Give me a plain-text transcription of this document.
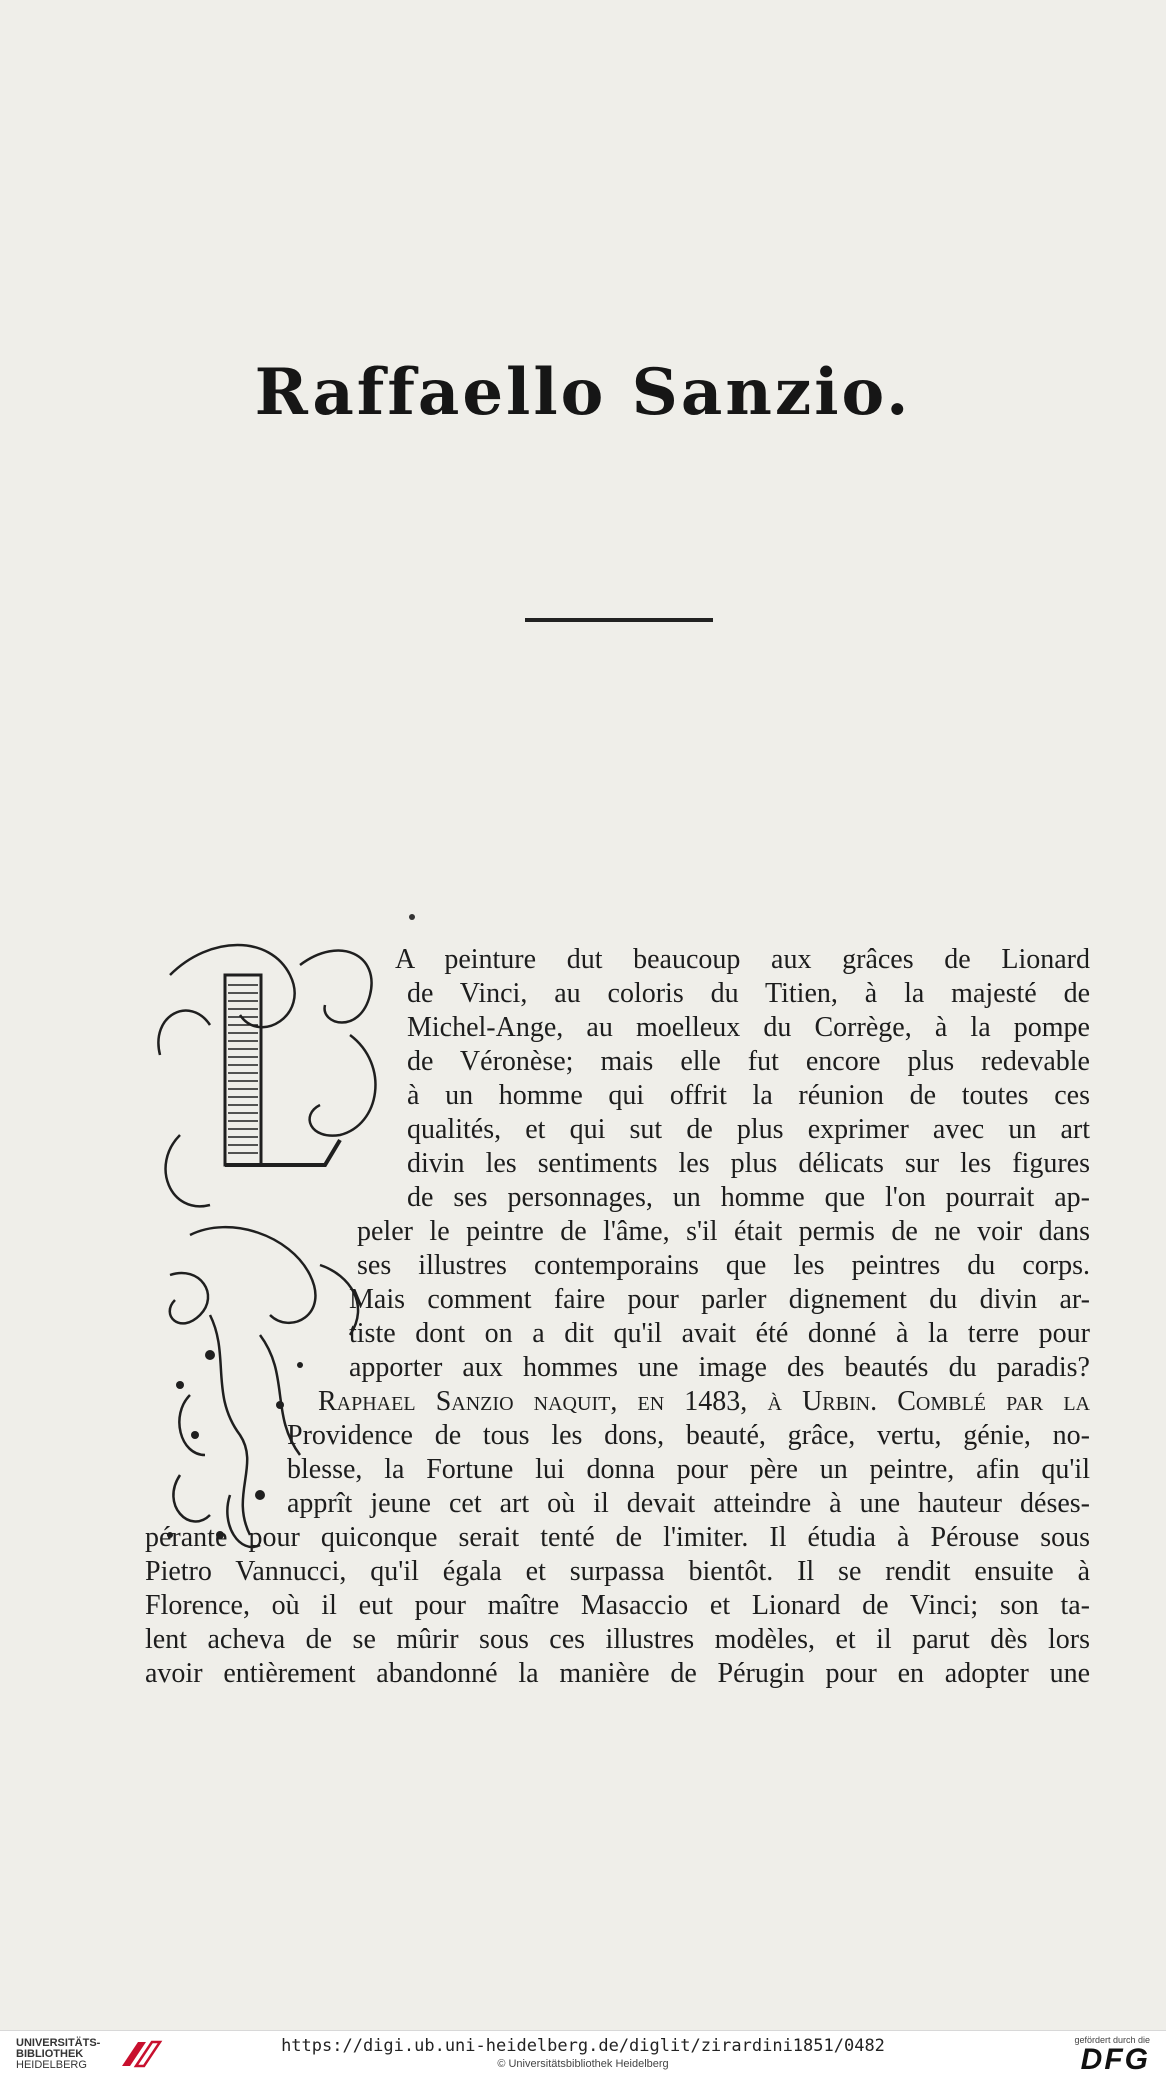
Raffaello Sanzio.
L
A peinture dut beaucoup aux grâces de Lionard
de Vinci, au coloris du Titien, à la majesté de
Michel-Ange, au moelleux du Corrège, à la pompe
de Véronèse; mais elle fut encore plus redevable
à un homme qui offrit la réunion de toutes ces
qualités, et qui sut de plus exprimer avec un art
divin les sentiments les plus délicats sur les figures
de ses personnages, un homme que l'on pourrait ap-
peler le peintre de l'âme, s'il était permis de ne voir dans
ses illustres contemporains que les peintres du corps.
Mais comment faire pour parler dignement du divin ar-
tiste dont on a dit qu'il avait été donné à la terre pour
apporter aux hommes une image des beautés du paradis?
Raphael Sanzio naquit, en 1483, à Urbin. Comblé par la
Providence de tous les dons, beauté, grâce, vertu, génie, no-
blesse, la Fortune lui donna pour père un peintre, afin qu'il
apprît jeune cet art où il devait atteindre à une hauteur déses-
pérante pour quiconque serait tenté de l'imiter. Il étudia à Pérouse sous
Pietro Vannucci, qu'il égala et surpassa bientôt. Il se rendit ensuite à
Florence, où il eut pour maître Masaccio et Lionard de Vinci; son ta-
lent acheva de se mûrir sous ces illustres modèles, et il parut dès lors
avoir entièrement abandonné la manière de Pérugin pour en adopter une
UNIVERSITÄTS-
BIBLIOTHEK
HEIDELBERG
https://digi.ub.uni-heidelberg.de/diglit/zirardini1851/0482
© Universitätsbibliothek Heidelberg
gefördert durch die
DFG
